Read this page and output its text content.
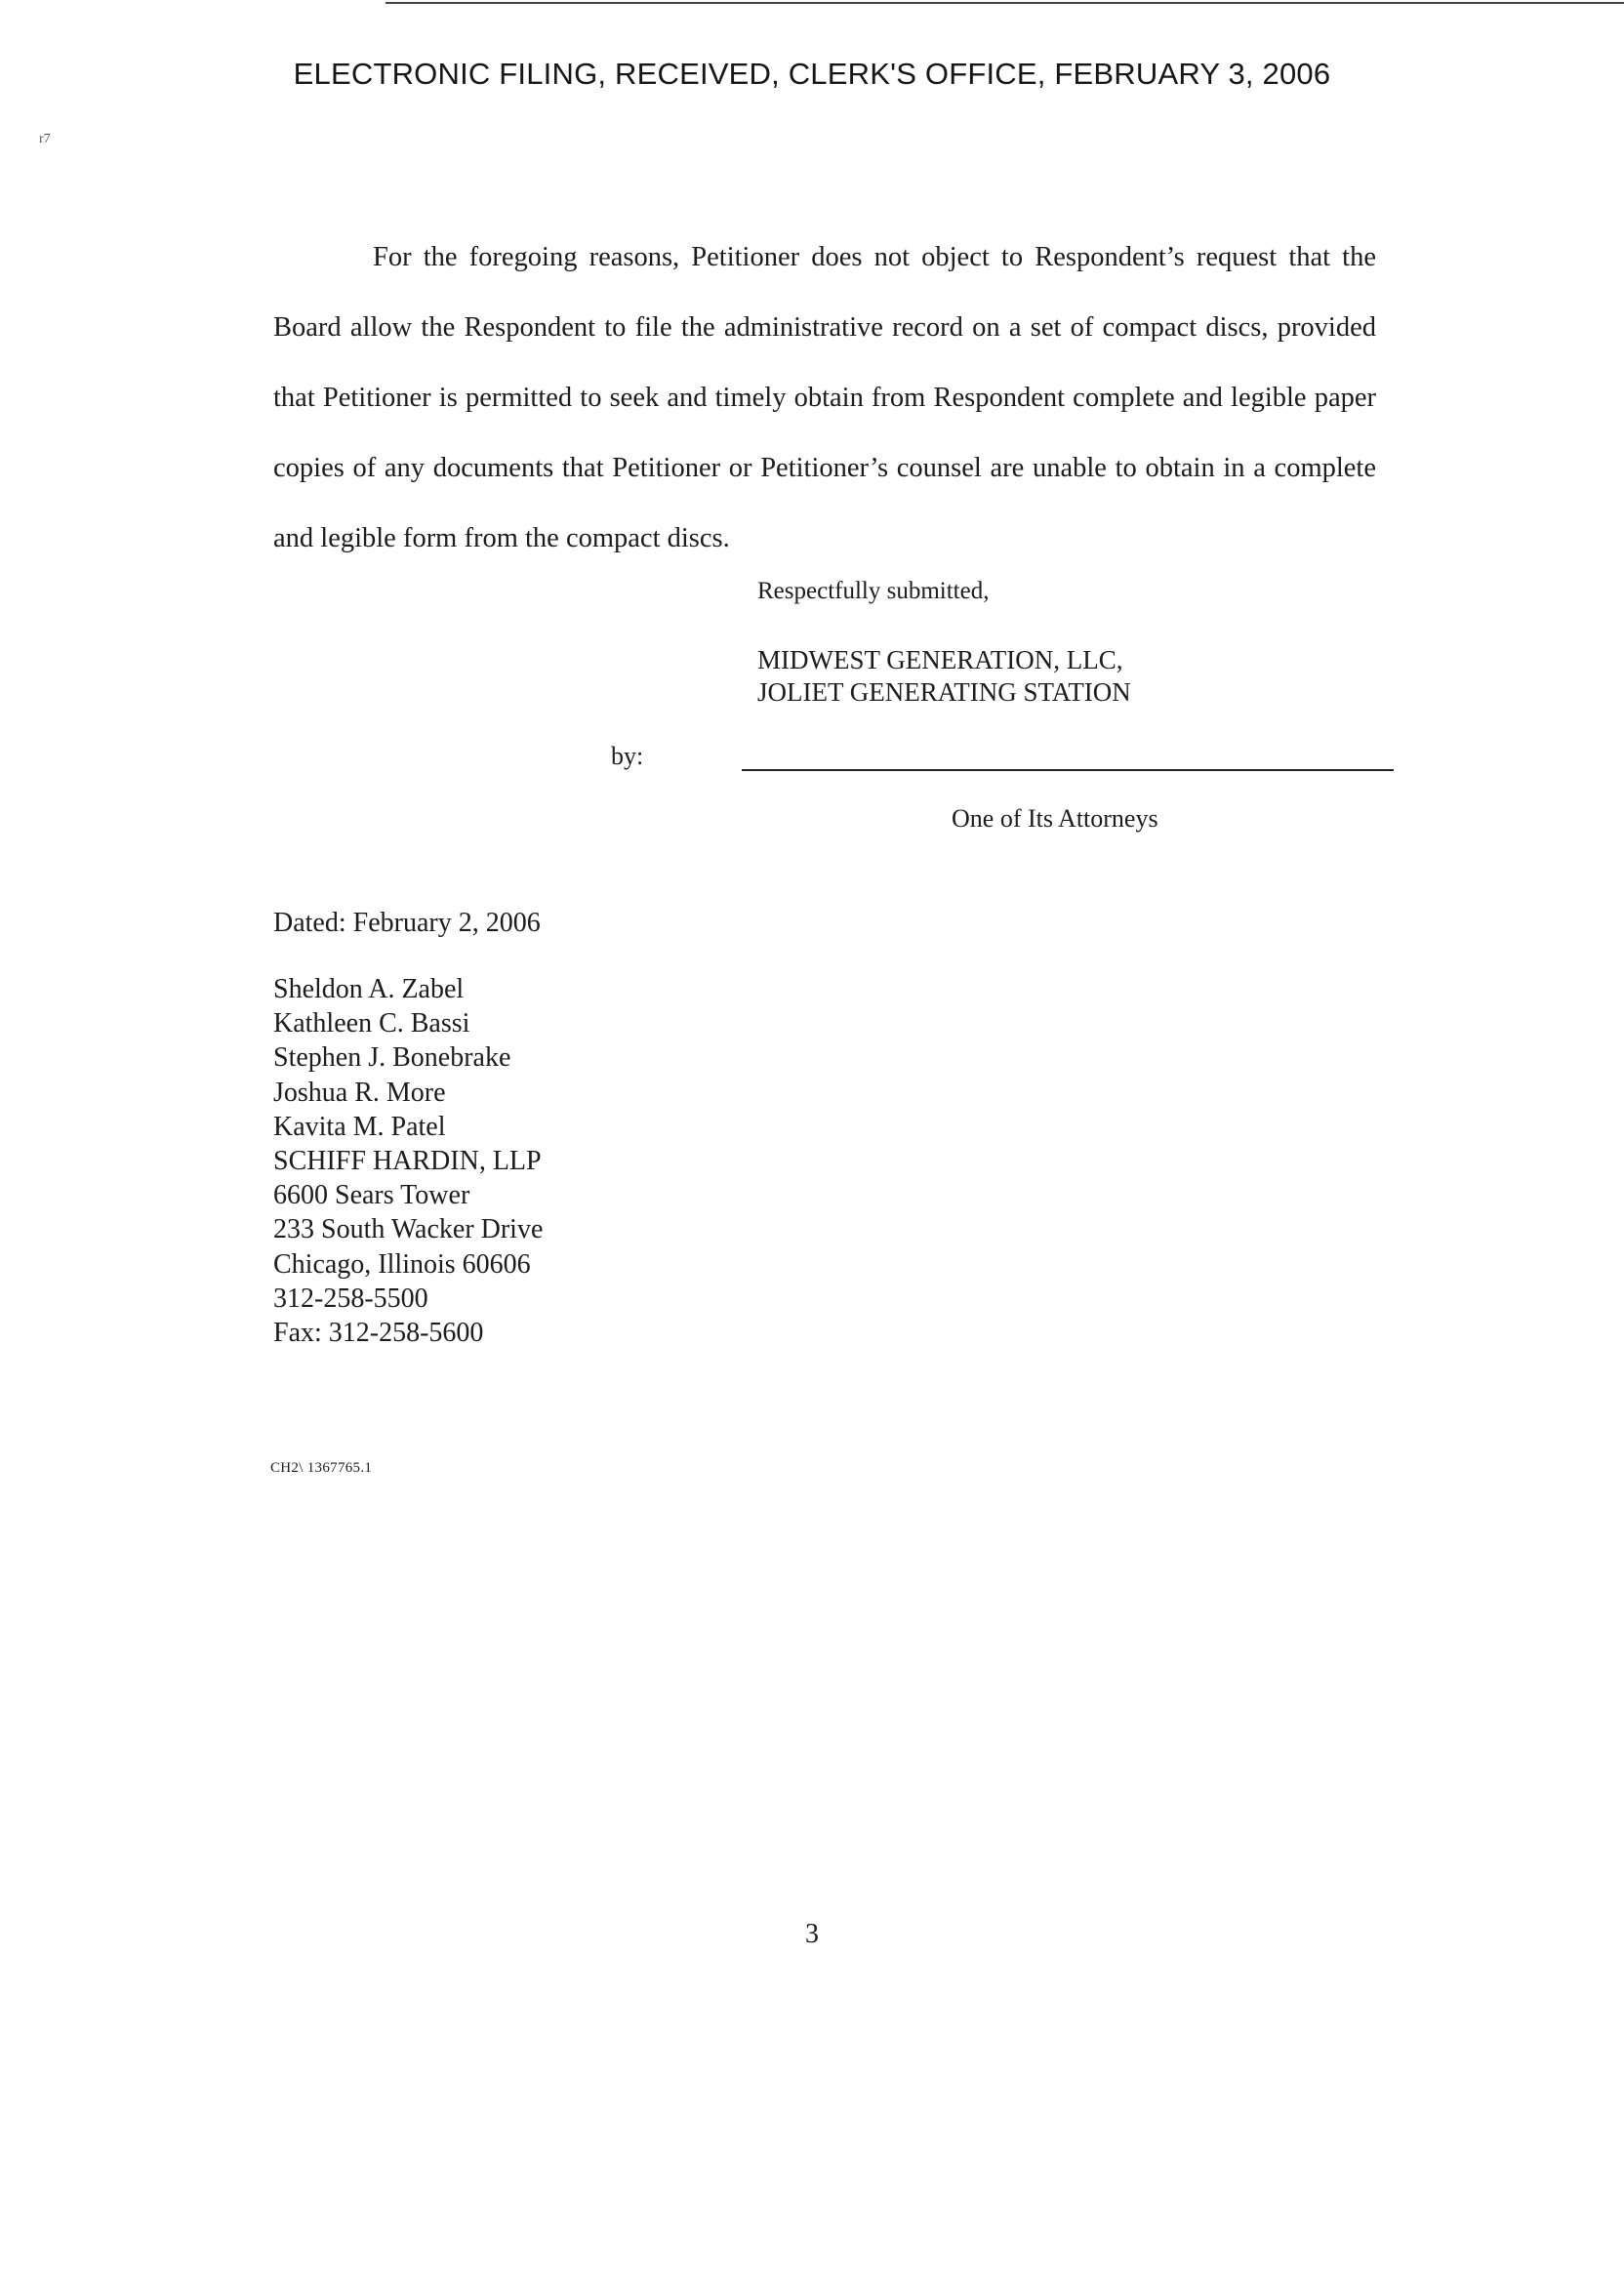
r7
ELECTRONIC FILING, RECEIVED, CLERK'S OFFICE, FEBRUARY 3, 2006

For the foregoing reasons, Petitioner does not object to Respondent’s request that the Board allow the Respondent to file the administrative record on a set of compact discs, provided that Petitioner is permitted to seek and timely obtain from Respondent complete and legible paper copies of any documents that Petitioner or Petitioner’s counsel are unable to obtain in a complete and legible form from the compact discs.

Respectfully submitted,
MIDWEST GENERATION, LLC,
JOLIET GENERATING STATION
by:
One of Its Attorneys
Dated: February 2, 2006
Sheldon A. Zabel
Kathleen C. Bassi
Stephen J. Bonebrake
Joshua R. More
Kavita M. Patel
SCHIFF HARDIN, LLP
6600 Sears Tower
233 South Wacker Drive
Chicago, Illinois 60606
312-258-5500
Fax: 312-258-5600
CH2\ 1367765.1
3
